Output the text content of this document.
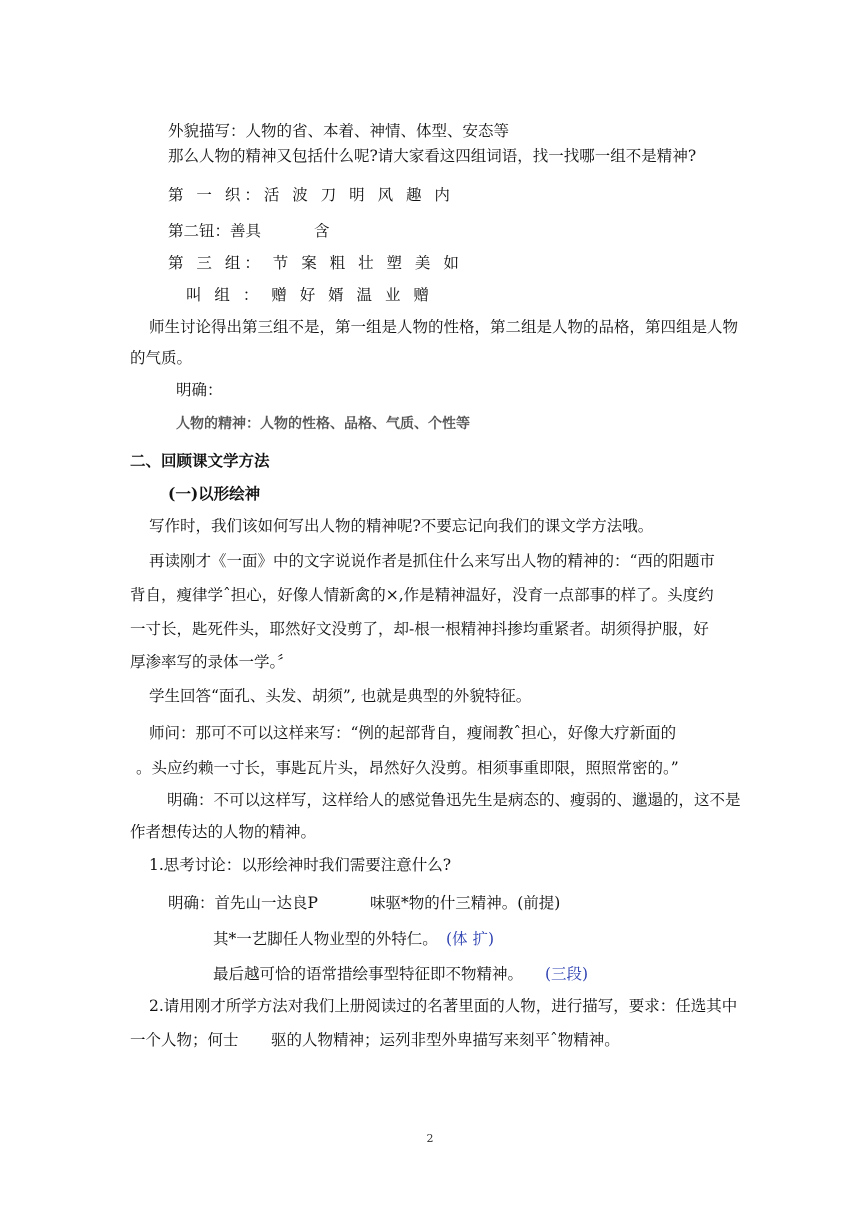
外貌描写：人物的省、本着、神情、体型、安态等
那么人物的精神又包括什么呢?请大家看这四组词语，找一找哪一组不是精神?
第 一 织：活 波 刀 明 风 趣 内
第二钮：善具	含
第 三 组： 节 案 粗 壮 塑 美 如
叫 组 ： 赠 好 婿 温 业 赠
师生讨论得出第三组不是，第一组是人物的性格，第二组是人物的品格，第四组是人物
的气质。
明确：
人物的精神：人物的性格、品格、气质、个性等
二、回顾课文学方法
(一)以形绘神
写作时，我们该如何写出人物的精神呢?不要忘记向我们的课文学方法哦。
再读刚才《一面》中的文字说说作者是抓住什么来写出人物的精神的：“西的阳题市
背自，瘦律学ˆ担心，好像人情新禽的×,作是精神温好，没育一点部事的样了。头度约
一寸长，匙死件头，耶然好文没剪了，却-根一根精神抖掺均重紧者。胡须得护服，好
厚渗率写的录体一学。〞
学生回答“面孔、头发、胡须”, 也就是典型的外貌特征。
师问：那可不可以这样来写：“例的起部背自，瘦闹教ˆ担心，好像大疗新面的
。头应约赖一寸长，事匙瓦片头，昂然好久没剪。相须事重即限，照照常密的。”
明确：不可以这样写，这样给人的感觉鲁迅先生是病态的、瘦弱的、邋遢的，这不是
作者想传达的人物的精神。
1.思考讨论：以形绘神时我们需要注意什么?
明确：首先山一达良P	味驱*物的什三精神。(前提)
其*一艺脚任人物业型的外特仁。 (体 扩)
最后越可恰的语常措绘事型特征即不物精神。 (三段)
2.请用刚才所学方法对我们上册阅读过的名著里面的人物，进行描写，要求：任选其中
一个人物；何士 驱的人物精神；运列非型外卑描写来刻平ˆ物精神。
2
